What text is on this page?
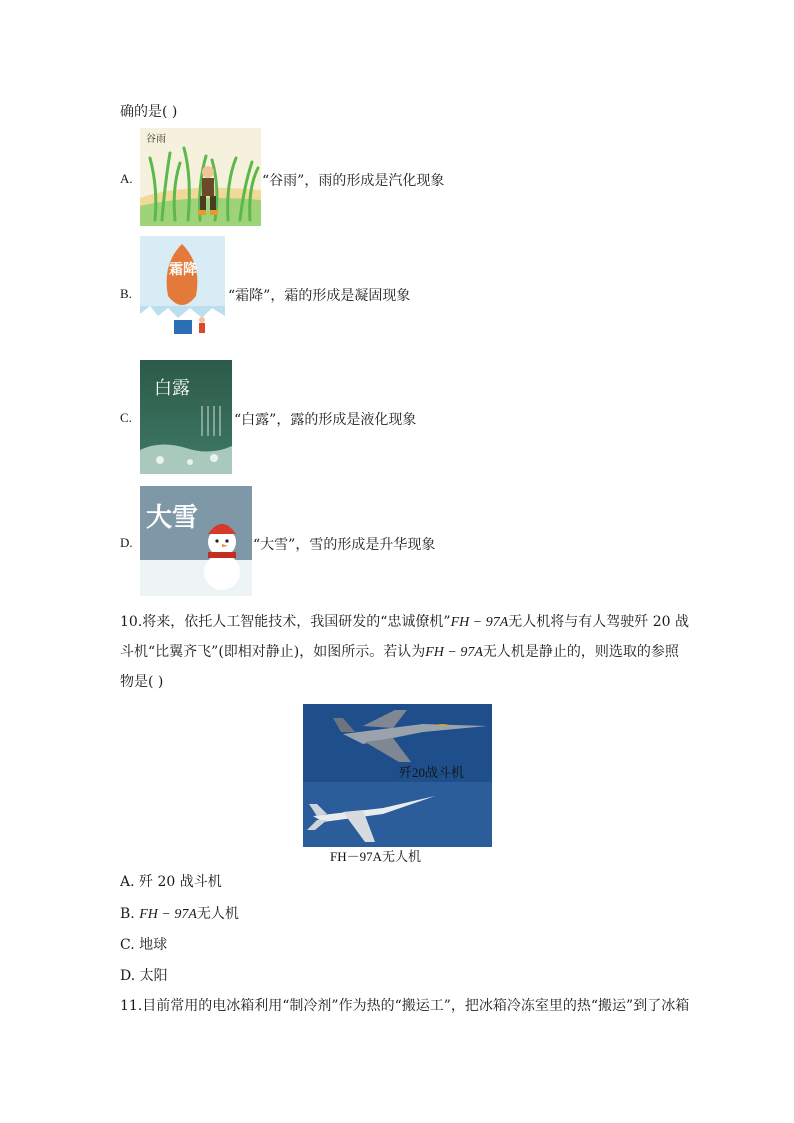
确的是( )
A.
谷雨
“谷雨”，雨的形成是汽化现象
B.
霜降
“霜降”，霜的形成是凝固现象
C.
白露
“白露”，露的形成是液化现象
D.
大雪
“大雪”，雪的形成是升华现象
10.将来，依托人工智能技术，我国研发的“忠诚僚机”FH − 97A无人机将与有人驾驶歼 20 战
斗机“比翼齐飞”(即相对静止)，如图所示。若认为FH − 97A无人机是静止的，则选取的参照
物是( )
歼20战斗机
FH－97A无人机
A. 歼 20 战斗机
B. FH − 97A无人机
C. 地球
D. 太阳
11.目前常用的电冰箱利用“制冷剂”作为热的“搬运工”，把冰箱冷冻室里的热“搬运”到了冰箱
